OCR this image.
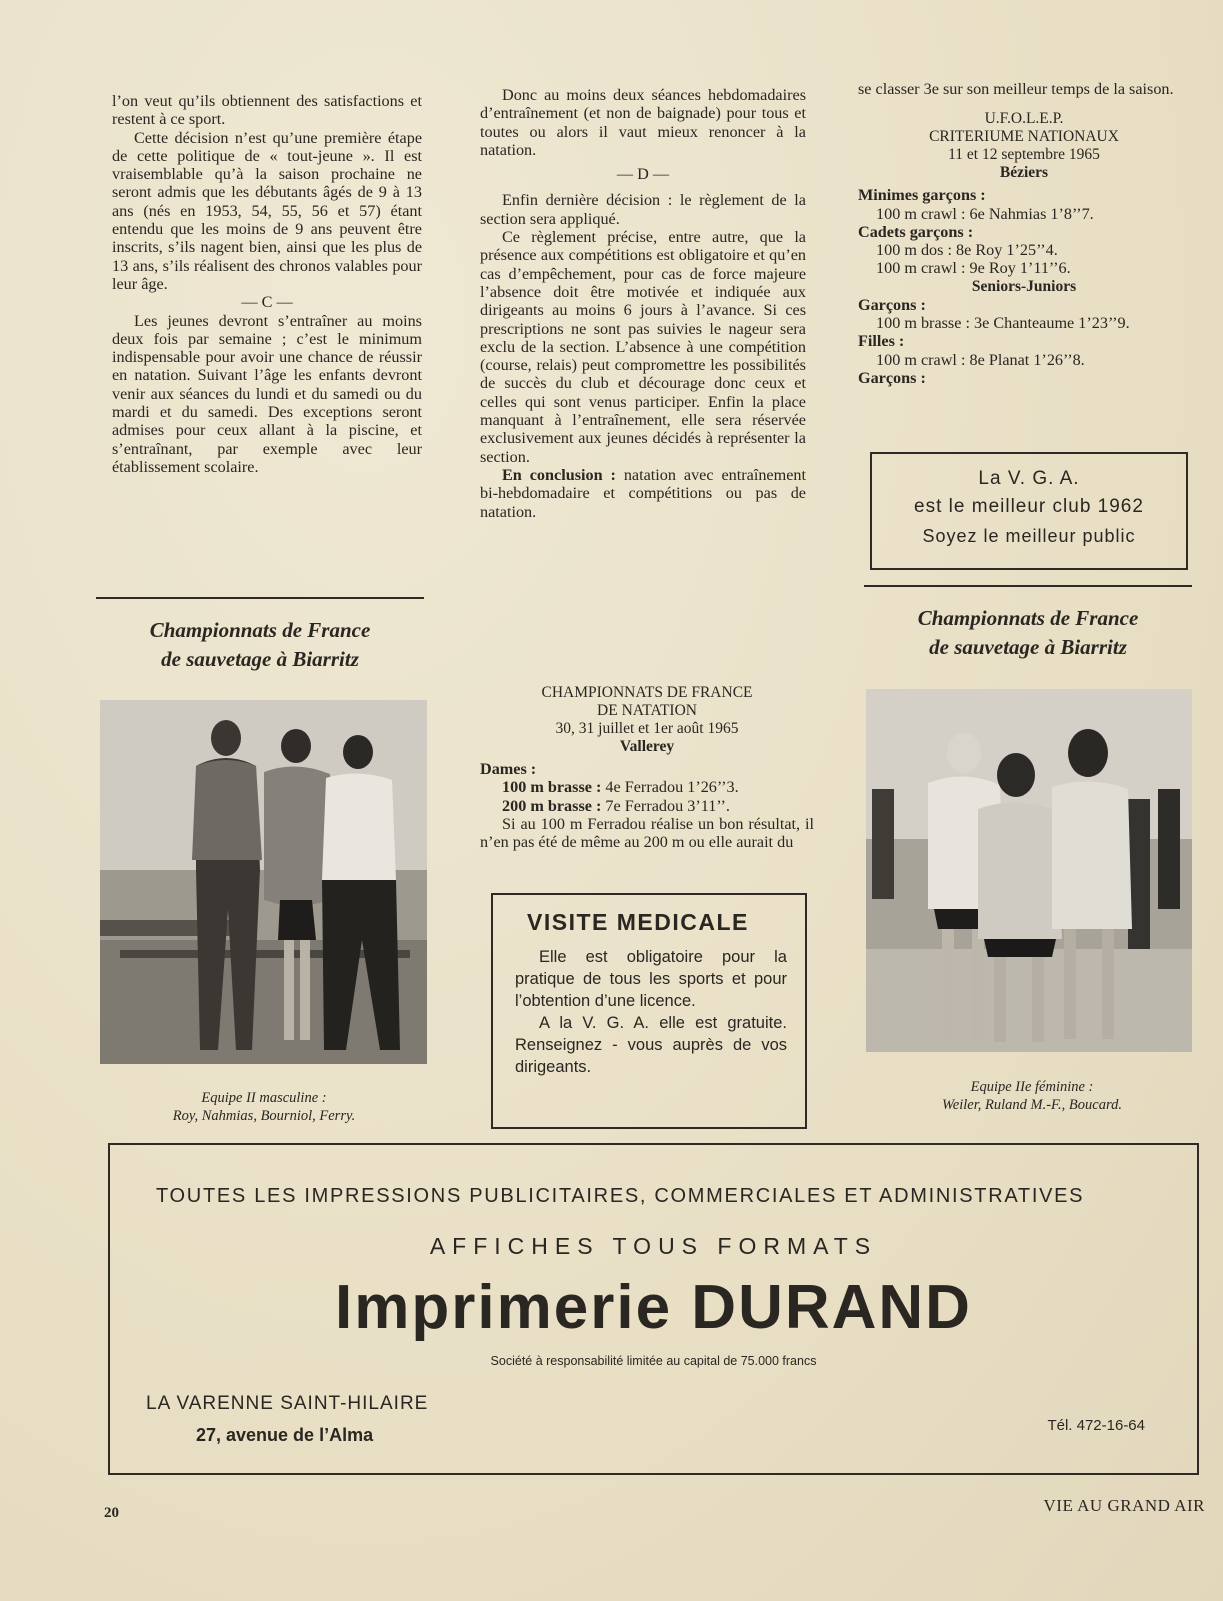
l’on veut qu’ils obtiennent des satisfactions et restent à ce sport.

Cette décision n’est qu’une première étape de cette politique de « tout-jeune ». Il est vraisemblable qu’à la saison prochaine ne seront admis que les débutants âgés de 9 à 13 ans (nés en 1953, 54, 55, 56 et 57) étant entendu que les moins de 9 ans peuvent être inscrits, s’ils nagent bien, ainsi que les plus de 13 ans, s’ils réalisent des chronos valables pour leur âge.

— C —

Les jeunes devront s’entraîner au moins deux fois par semaine ; c’est le minimum indispensable pour avoir une chance de réussir en natation. Suivant l’âge les enfants devront venir aux séances du lundi et du samedi ou du mardi et du samedi. Des exceptions seront admises pour ceux allant à la piscine, et s’entraînant, par exemple avec leur établissement scolaire.

Championnats de France
de sauvetage à Biarritz
Equipe II masculine :
Roy, Nahmias, Bourniol, Ferry.

Donc au moins deux séances hebdomadaires d’entraînement (et non de baignade) pour tous et toutes ou alors il vaut mieux renoncer à la natation.

— D —

Enfin dernière décision : le règlement de la section sera appliqué.

Ce règlement précise, entre autre, que la présence aux compétitions est obligatoire et qu’en cas d’empêchement, pour cas de force majeure l’absence doit être motivée et indiquée aux dirigeants au moins 6 jours à l’avance. Si ces prescriptions ne sont pas suivies le nageur sera exclu de la section. L’absence à une compétition (course, relais) peut compromettre les possibilités de succès du club et décourage donc ceux et celles qui sont venus participer. Enfin la place manquant à l’entraînement, elle sera réservée exclusivement aux jeunes décidés à représenter la section.

En conclusion : natation avec entraînement bi-hebdomadaire et compétitions ou pas de natation.

CHAMPIONNATS DE FRANCE
DE NATATION
30, 31 juillet et 1er août 1965
Vallerey

Dames :

100 m brasse : 4e Ferradou 1’26’’3.

200 m brasse : 7e Ferradou 3’11’’.

Si au 100 m Ferradou réalise un bon résultat, il n’en pas été de même au 200 m ou elle aurait du

VISITE MEDICALE

Elle est obligatoire pour la pratique de tous les sports et pour l’obtention d’une licence.

A la V. G. A. elle est gratuite. Renseignez - vous auprès de vos dirigeants.

se classer 3e sur son meilleur temps de la saison.

U.F.O.L.E.P.
CRITERIUME NATIONAUX
11 et 12 septembre 1965
Béziers

Minimes garçons :

100 m crawl : 6e Nahmias 1’8’’7.

Cadets garçons :

100 m dos : 8e Roy 1’25’’4.

100 m crawl : 9e Roy 1’11’’6.

Seniors-Juniors

Garçons :

100 m brasse : 3e Chanteaume 1’23’’9.

Filles :

100 m crawl : 8e Planat 1’26’’8.

Garçons :

La V. G. A.
est le meilleur club 1962
Soyez le meilleur public
Championnats de France
de sauvetage à Biarritz
Equipe IIe féminine :
Weiler, Ruland M.-F., Boucard.
TOUTES LES IMPRESSIONS PUBLICITAIRES, COMMERCIALES ET ADMINISTRATIVES
AFFICHES TOUS FORMATS
Imprimerie DURAND
Société à responsabilité limitée au capital de 75.000 francs
LA VARENNE SAINT-HILAIRE
27, avenue de l’Alma	Tél. 472-16-64
20	VIE AU GRAND AIR
